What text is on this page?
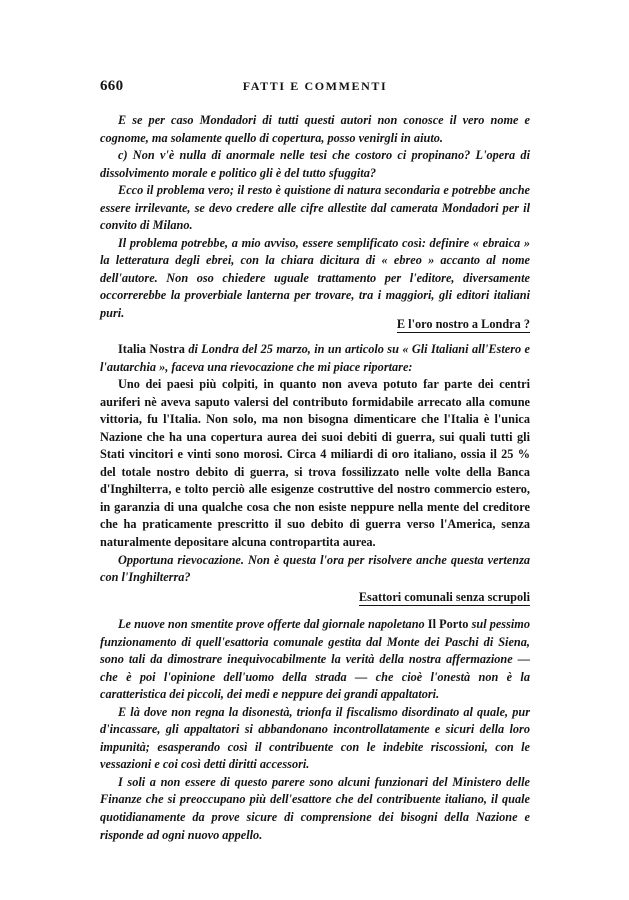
660	FATTI E COMMENTI

E se per caso Mondadori di tutti questi autori non conosce il vero nome e cognome, ma solamente quello di copertura, posso venirgli in aiuto.

c) Non v'è nulla di anormale nelle tesi che costoro ci propinano? L'opera di dissolvimento morale e politico gli è del tutto sfuggita?

Ecco il problema vero; il resto è quistione di natura secondaria e potrebbe anche essere irrilevante, se devo credere alle cifre allestite dal camerata Mondadori per il convito di Milano.

Il problema potrebbe, a mio avviso, essere semplificato così: definire « ebraica » la letteratura degli ebrei, con la chiara dicitura di « ebreo » accanto al nome dell'autore. Non oso chiedere uguale trattamento per l'editore, diversamente occorrerebbe la proverbiale lanterna per trovare, tra i maggiori, gli editori italiani puri.

E l'oro nostro a Londra ?

Italia Nostra di Londra del 25 marzo, in un articolo su « Gli Italiani all'Estero e l'autarchia », faceva una rievocazione che mi piace riportare:

Uno dei paesi più colpiti, in quanto non aveva potuto far parte dei centri auriferi nè aveva saputo valersi del contributo formidabile arrecato alla comune vittoria, fu l'Italia. Non solo, ma non bisogna dimenticare che l'Italia è l'unica Nazione che ha una copertura aurea dei suoi debiti di guerra, sui quali tutti gli Stati vincitori e vinti sono morosi. Circa 4 miliardi di oro italiano, ossia il 25 % del totale nostro debito di guerra, si trova fossilizzato nelle volte della Banca d'Inghilterra, e tolto perciò alle esigenze costruttive del nostro commercio estero, in garanzia di una qualche cosa che non esiste neppure nella mente del creditore che ha praticamente prescritto il suo debito di guerra verso l'America, senza naturalmente depositare alcuna contropartita aurea.

Opportuna rievocazione. Non è questa l'ora per risolvere anche questa vertenza con l'Inghilterra?

Esattori comunali senza scrupoli

Le nuove non smentite prove offerte dal giornale napoletano Il Porto sul pessimo funzionamento di quell'esattoria comunale gestita dal Monte dei Paschi di Siena, sono tali da dimostrare inequivocabilmente la verità della nostra affermazione — che è poi l'opinione dell'uomo della strada — che cioè l'onestà non è la caratteristica dei piccoli, dei medi e neppure dei grandi appaltatori.

E là dove non regna la disonestà, trionfa il fiscalismo disordinato al quale, pur d'incassare, gli appaltatori si abbandonano incontrollatamente e sicuri della loro impunità; esasperando così il contribuente con le indebite riscossioni, con le vessazioni e coi così detti diritti accessori.

I soli a non essere di questo parere sono alcuni funzionari del Ministero delle Finanze che si preoccupano più dell'esattore che del contribuente italiano, il quale quotidianamente da prove sicure di comprensione dei bisogni della Nazione e risponde ad ogni nuovo appello.
